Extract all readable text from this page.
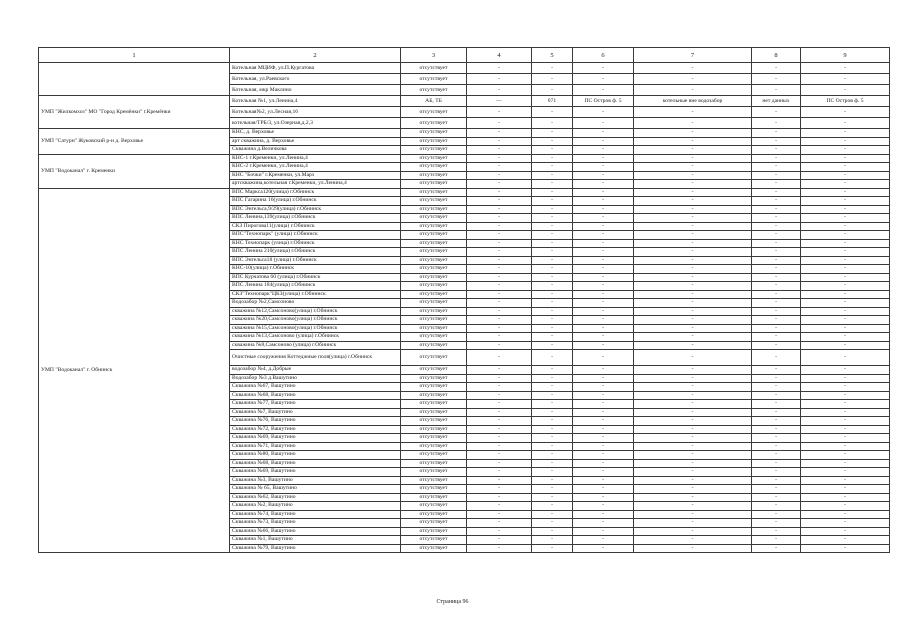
1	2	3	4	5	6	7	8	9
	Котельная МЦИФ, ул.П.Кургатова	отсутствует	-	-	-	-	-	-
	Котельная, ул.Раевского	отсутствует	-	-	-	-	-	-
	Котельная, мкр Маклино	отсутствует	-	-	-	-	-	-
УМП "Жилкомхоз" МО "Город Кремёнки" г.Кремёнки	Котельная №1, ул.Ленина,4	АБ, ТБ	—	071	ПС Остров ф. 5	котельные вне водозабор	нет данных	ПС Остров ф. 5
	Котельная№2, ул.Лесная,16	отсутствует	-	-	-	-	-	-
	котельная/ТРБ/3, ул.Озерная,д.2,3	отсутствует	-	-	-	-	-	-
УМП "Сатурн" Жуковский р-н д. Верховье	КНС, д. Верховье	отсутствует	-	-	-	-	-	-
	арт скважина, д. Верховье	отсутствует	-	-	-	-	-	-
	Скважина д.Величкова	отсутствует	-	-	-	-	-	-
УМП "Водоканал" г. Кременки	КНС-1 г.Кременки, ул.Ленина,4	отсутствует	-	-	-	-	-	-
	КНС-2 г.Кременки, ул.Ленина,4	отсутствует	-	-	-	-	-	-
	КНС "Бочки" г.Кременки, ул.Марз	отсутствует	-	-	-	-	-	-
	артскважина,котельная г.Кременки, ул.Ленина,4	отсутствует	-	-	-	-	-	-
УМП "Водоканал" г. Обнинск	ВПС Маркса120(улица) г.Обнинск	отсутствует	-	-	-	-	-	-
	ВПС Гагарина 16(улица) г.Обнинск	отсутствует	-	-	-	-	-	-
	ВПС Энгельса,9/29(улица) г.Обнинск	отсутствует	-	-	-	-	-	-
	ВПС Ленина,139(улица) г.Обнинск	отсутствует	-	-	-	-	-	-
	СКЗ Пирогова11(улица) г.Обнинск	отсутствует	-	-	-	-	-	-
	ВПС"Технопарк" (улица) г.Обнинск	отсутствует	-	-	-	-	-	-
	КНС Технопарк (улица) г.Обнинск	отсутствует	-	-	-	-	-	-
	ВПС Ленина 210(улица) г.Обнинск	отсутствует	-	-	-	-	-	-
	ВПС Энгельса18 (улица) г.Обнинск	отсутствует	-	-	-	-	-	-
	КНС-10(улица) г.Обнинск	отсутствует	-	-	-	-	-	-
	ВПС Курчатова 60 (улица) г.Обнинск	отсутствует	-	-	-	-	-	-
	ВПС Ленина 184(улица) г.Обнинск	отсутствует	-	-	-	-	-	-
	СКЗ"Технопарк"ЦКЗ(улица) г.Обнинск	отсутствует	-	-	-	-	-	-
	Водозабор №2,Самсоново	отсутствует	-	-	-	-	-	-
	скважина №12,Самсоново(улица) г.Обнинск	отсутствует	-	-	-	-	-	-
	скважина №20,Самсоново(улица) г.Обнинск	отсутствует	-	-	-	-	-	-
	скважина №15,Самсоново(улица) г.Обнинск	отсутствует	-	-	-	-	-	-
	скважина №13,Самсоново (улица) г.Обнинск	отсутствует	-	-	-	-	-	-
	скважина №8,Самсоново (улица) г.Обнинск	отсутствует	-	-	-	-	-	-
	Очистные сооружения Коттеджные поля(улица) г.Обнинск	отсутствует	-	-	-	-	-	-
	водозабор №4, д.Добрые	отсутствует	-	-	-	-	-	-
	Водозабор №3 д.Вашутино	отсутствует	-	-	-	-	-	-
	Скважина №67, Вашутино	отсутствует	-	-	-	-	-	-
	Скважина №68, Вашутино	отсутствует	-	-	-	-	-	-
	Скважина №77, Вашутино	отсутствует	-	-	-	-	-	-
	Скважина №7, Вашутино	отсутствует	-	-	-	-	-	-
	Скважина №76, Вашутино	отсутствует	-	-	-	-	-	-
	Скважина №72, Вашутино	отсутствует	-	-	-	-	-	-
	Скважина №69, Вашутино	отсутствует	-	-	-	-	-	-
	Скважина №71, Вашутино	отсутствует	-	-	-	-	-	-
	Скважина №80, Вашутино	отсутствует	-	-	-	-	-	-
	Скважина №68, Вашутино	отсутствует	-	-	-	-	-	-
	Скважина №69, Вашутино	отсутствует	-	-	-	-	-	-
	Скважина №3, Вашутино	отсутствует	-	-	-	-	-	-
	Скважина № 65, Вашутино	отсутствует	-	-	-	-	-	-
	Скважина №62, Вашутино	отсутствует	-	-	-	-	-	-
	Скважина №2, Вашутино	отсутствует	-	-	-	-	-	-
	Скважина №74, Вашутино	отсутствует	-	-	-	-	-	-
	Скважина №73, Вашутино	отсутствует	-	-	-	-	-	-
	Скважина №66, Вашутино	отсутствует	-	-	-	-	-	-
	Скважина №1, Вашутино	отсутствует	-	-	-	-	-	-
	Скважина №79, Вашутино	отсутствует	-	-	-	-	-	-
Страница 96
